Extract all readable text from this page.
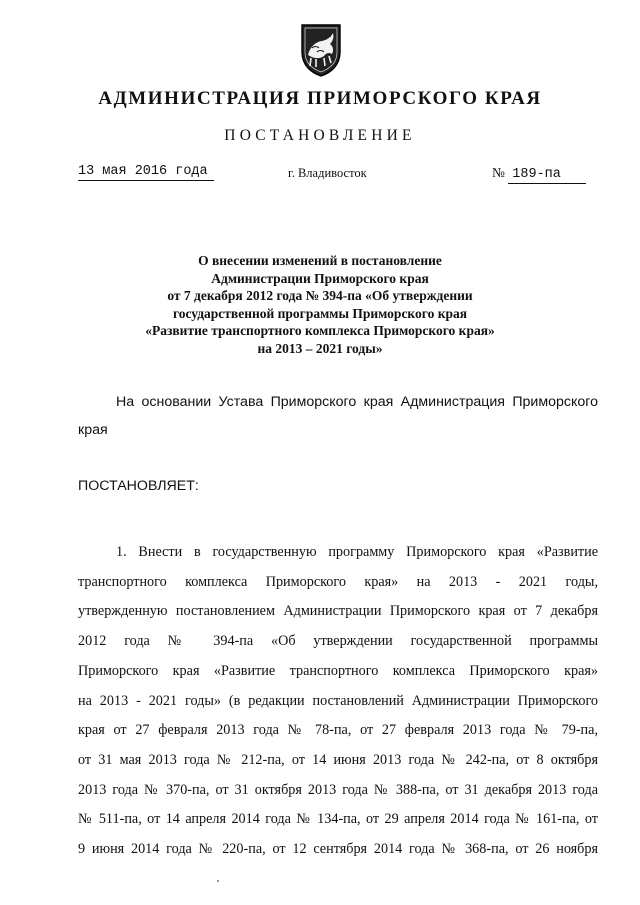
АДМИНИСТРАЦИЯ ПРИМОРСКОГО КРАЯ
ПОСТАНОВЛЕНИЕ
13 мая 2016 года	г. Владивосток	№ 189-па
О внесении изменений в постановление
Администрации Приморского края
от 7 декабря 2012 года № 394-па «Об утверждении
государственной программы Приморского края
«Развитие транспортного комплекса Приморского края»
на 2013 – 2021 годы»
На основании Устава Приморского края Администрация Приморского края
ПОСТАНОВЛЯЕТ:
1. Внести в государственную программу Приморского края «Развитие
транспортного комплекса Приморского края» на 2013 - 2021 годы,
утвержденную постановлением Администрации Приморского края от 7 декабря
2012 года № 394-па «Об утверждении государственной программы
Приморского края «Развитие транспортного комплекса Приморского края»
на 2013 - 2021 годы» (в редакции постановлений Администрации Приморского
края от 27 февраля 2013 года № 78-па, от 27 февраля 2013 года № 79-па,
от 31 мая 2013 года № 212-па, от 14 июня 2013 года № 242-па, от 8 октября
2013 года № 370-па, от 31 октября 2013 года № 388-па, от 31 декабря 2013 года
№ 511-па, от 14 апреля 2014 года № 134-па, от 29 апреля 2014 года № 161-па, от
9 июня 2014 года № 220-па, от 12 сентября 2014 года № 368-па, от 26 ноября
